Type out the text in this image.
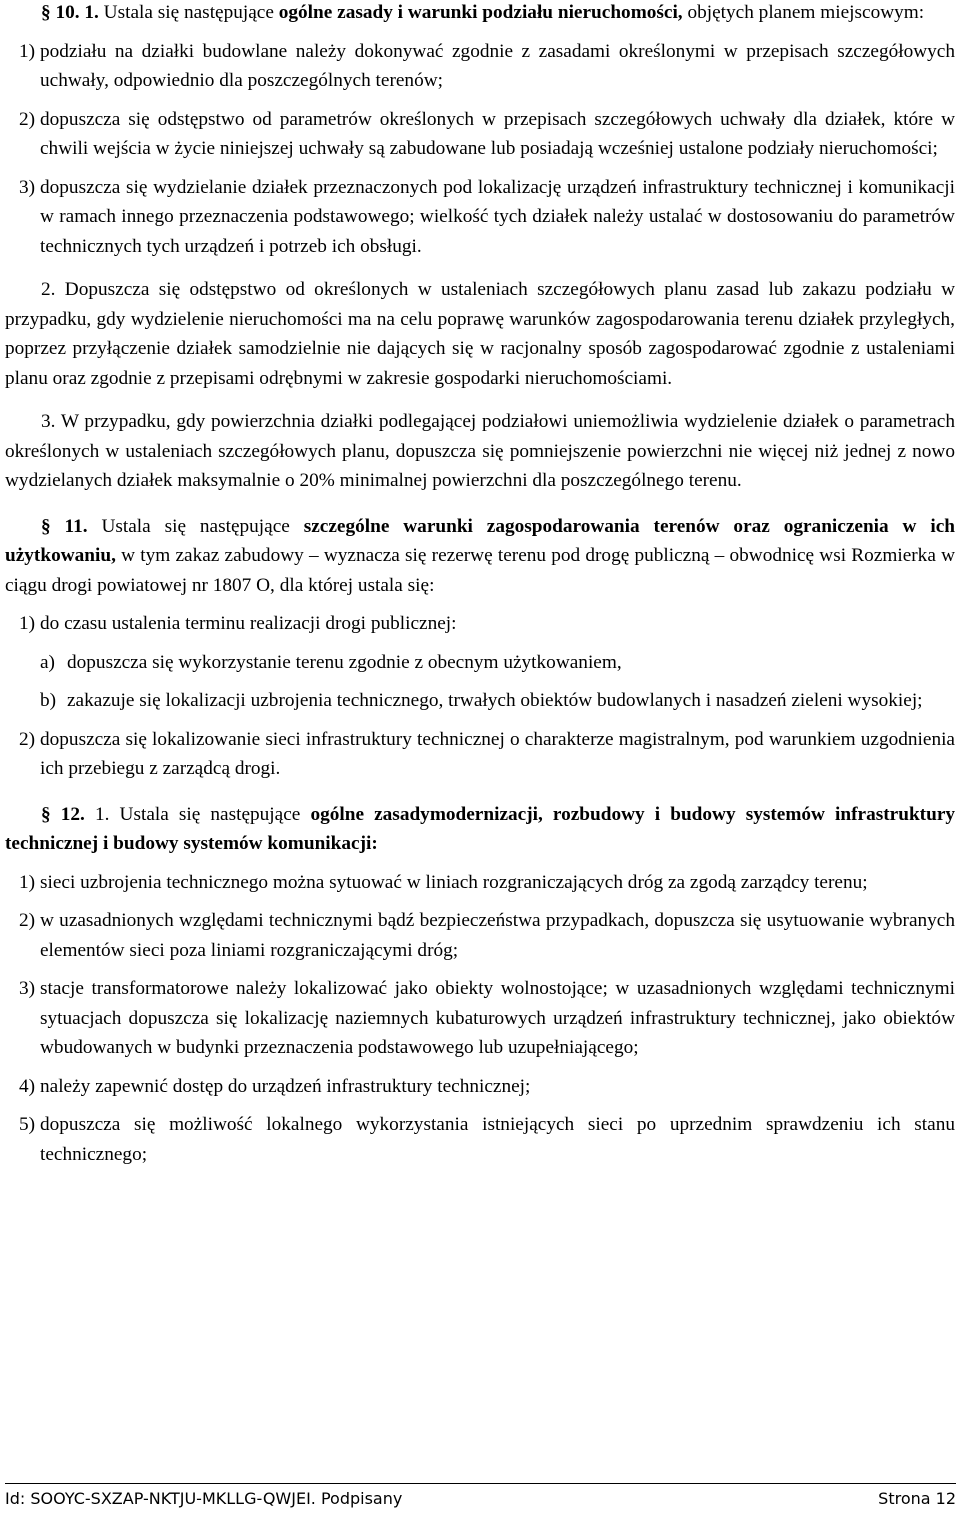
§ 10. 1. Ustala się następujące ogólne zasady i warunki podziału nieruchomości, objętych planem miejscowym:

1) podziału na działki budowlane należy dokonywać zgodnie z zasadami określonymi w przepisach szczegółowych uchwały, odpowiednio dla poszczególnych terenów;
2) dopuszcza się odstępstwo od parametrów określonych w przepisach szczegółowych uchwały dla działek, które w chwili wejścia w życie niniejszej uchwały są zabudowane lub posiadają wcześniej ustalone podziały nieruchomości;
3) dopuszcza się wydzielanie działek przeznaczonych pod lokalizację urządzeń infrastruktury technicznej i komunikacji w ramach innego przeznaczenia podstawowego; wielkość tych działek należy ustalać w dostosowaniu do parametrów technicznych tych urządzeń i potrzeb ich obsługi.

2. Dopuszcza się odstępstwo od określonych w ustaleniach szczegółowych planu zasad lub zakazu podziału w przypadku, gdy wydzielenie nieruchomości ma na celu poprawę warunków zagospodarowania terenu działek przyległych, poprzez przyłączenie działek samodzielnie nie dających się w racjonalny sposób zagospodarować zgodnie z ustaleniami planu oraz zgodnie z przepisami odrębnymi w zakresie gospodarki nieruchomościami.

3. W przypadku, gdy powierzchnia działki podlegającej podziałowi uniemożliwia wydzielenie działek o parametrach określonych w ustaleniach szczegółowych planu, dopuszcza się pomniejszenie powierzchni nie więcej niż jednej z nowo wydzielanych działek maksymalnie o 20% minimalnej powierzchni dla poszczególnego terenu.

§ 11. Ustala się następujące szczególne warunki zagospodarowania terenów oraz ograniczenia w ich użytkowaniu, w tym zakaz zabudowy – wyznacza się rezerwę terenu pod drogę publiczną – obwodnicę wsi Rozmierka w ciągu drogi powiatowej nr 1807 O, dla której ustala się:

1) do czasu ustalenia terminu realizacji drogi publicznej:
a) dopuszcza się wykorzystanie terenu zgodnie z obecnym użytkowaniem,
b) zakazuje się lokalizacji uzbrojenia technicznego, trwałych obiektów budowlanych i nasadzeń zieleni wysokiej;
2) dopuszcza się lokalizowanie sieci infrastruktury technicznej o charakterze magistralnym, pod warunkiem uzgodnienia ich przebiegu z zarządcą drogi.

§ 12. 1. Ustala się następujące ogólne zasadymodernizacji, rozbudowy i budowy systemów infrastruktury technicznej i budowy systemów komunikacji:

1) sieci uzbrojenia technicznego można sytuować w liniach rozgraniczających dróg za zgodą zarządcy terenu;
2) w uzasadnionych względami technicznymi bądź bezpieczeństwa przypadkach, dopuszcza się usytuowanie wybranych elementów sieci poza liniami rozgraniczającymi dróg;
3) stacje transformatorowe należy lokalizować jako obiekty wolnostojące; w uzasadnionych względami technicznymi sytuacjach dopuszcza się lokalizację naziemnych kubaturowych urządzeń infrastruktury technicznej, jako obiektów wbudowanych w budynki przeznaczenia podstawowego lub uzupełniającego;
4) należy zapewnić dostęp do urządzeń infrastruktury technicznej;
5) dopuszcza się możliwość lokalnego wykorzystania istniejących sieci po uprzednim sprawdzeniu ich stanu technicznego;
Id: SOOYC-SXZAP-NKTJU-MKLLG-QWJEI. Podpisany	Strona 12
